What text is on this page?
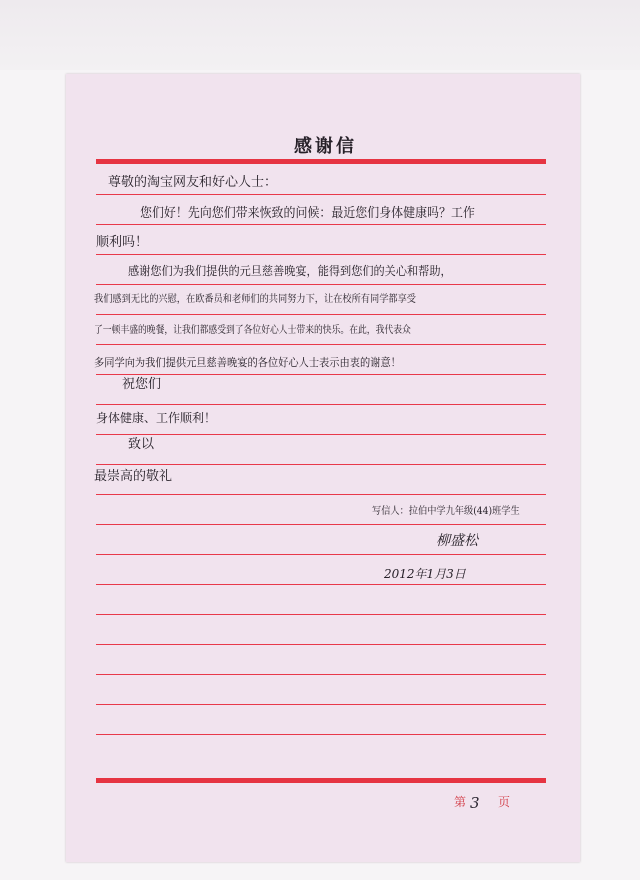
感谢信
尊敬的淘宝网友和好心人士：
您们好！先向您们带来恢致的问候：最近您们身体健康吗？工作
顺利吗！
感谢您们为我们提供的元旦慈善晚宴，能得到您们的关心和帮助，
我们感到无比的兴慰，在欧番员和老师们的共同努力下，让在校所有同学都享受
了一顿丰盛的晚餐，让我们都感受到了各位好心人士带来的快乐。在此，我代表众
多同学向为我们提供元旦慈善晚宴的各位好心人士表示由衷的谢意！
祝您们
身体健康、工作顺利！
致以
最崇高的敬礼
写信人：拉伯中学九年级(44)班学生
柳盛松
2012年1月3日
第 3 页
